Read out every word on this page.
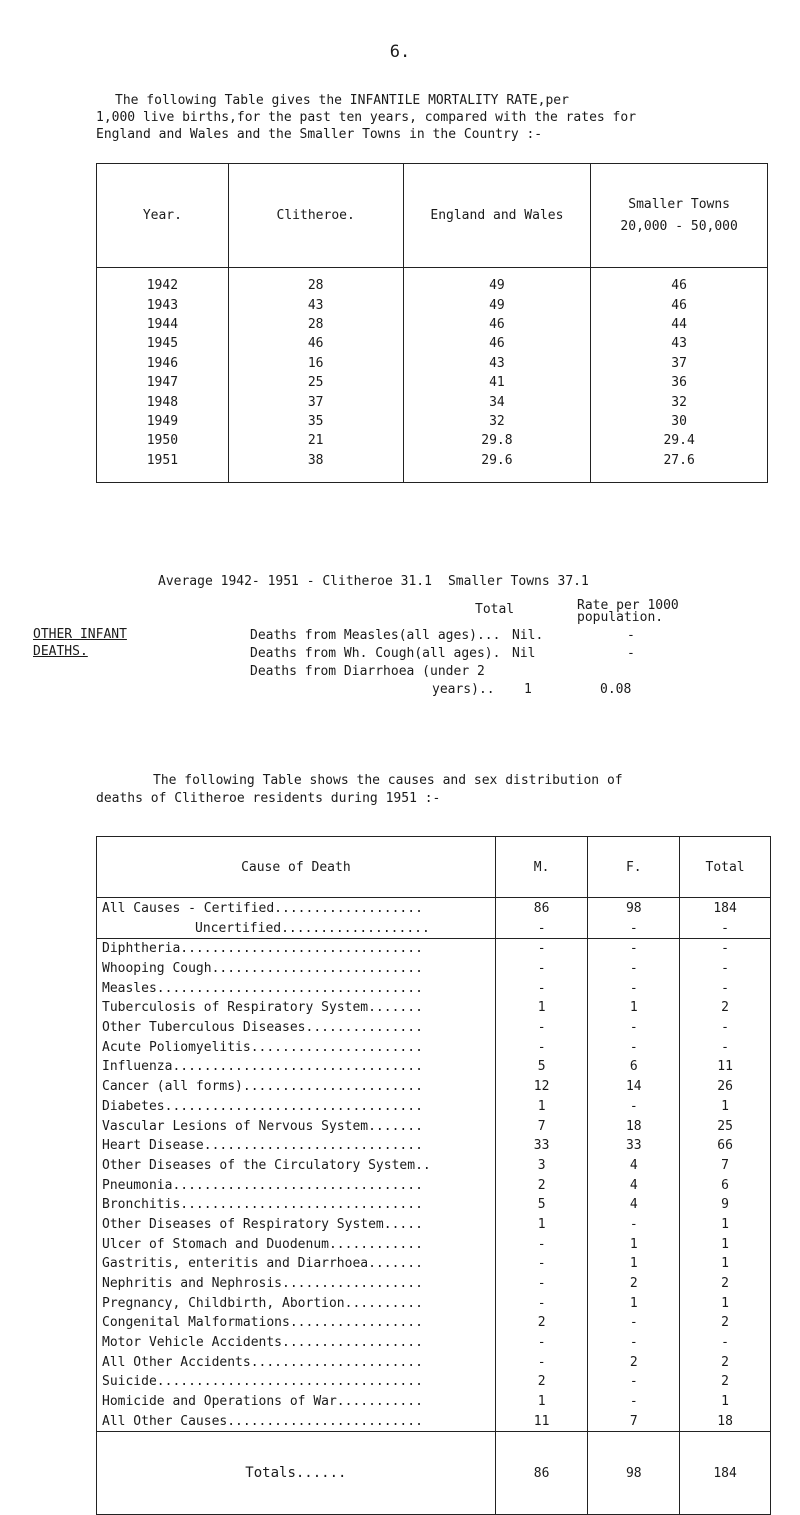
6.
The following Table gives the INFANTILE MORTALITY RATE,per
1,000 live births,for the past ten years, compared with the rates for
England and Wales and the Smaller Towns in the Country :-
Year.	Clitheroe.	England and Wales	Smaller Towns
20,000 - 50,000
1942	28	49	46
1943	43	49	46
1944	28	46	44
1945	46	46	43
1946	16	43	37
1947	25	41	36
1948	37	34	32
1949	35	32	30
1950	21	29.8	29.4
1951	38	29.6	27.6
Average 1942- 1951 - Clitheroe 31.1 Smaller Towns 37.1
Total	Rate per 1000
population.
OTHER INFANT
DEATHS.
Deaths from Measles(all ages)... Nil.	-
Deaths from Wh. Cough(all ages). Nil	-
Deaths from Diarrhoea (under 2
years).. 1	0.08
The following Table shows the causes and sex distribution of
deaths of Clitheroe residents during 1951 :-
Cause of Death	M.	F.	Total
All Causes - Certified...................	86	98	184
Uncertified...................	-	-	-
Diphtheria...............................	-	-	-
Whooping Cough...........................	-	-	-
Measles..................................	-	-	-
Tuberculosis of Respiratory System.......	1	1	2
Other Tuberculous Diseases...............	-	-	-
Acute Poliomyelitis......................	-	-	-
Influenza................................	5	6	11
Cancer (all forms).......................	12	14	26
Diabetes.................................	1	-	1
Vascular Lesions of Nervous System.......	7	18	25
Heart Disease............................	33	33	66
Other Diseases of the Circulatory System..	3	4	7
Pneumonia................................	2	4	6
Bronchitis...............................	5	4	9
Other Diseases of Respiratory System.....	1	-	1
Ulcer of Stomach and Duodenum............	-	1	1
Gastritis, enteritis and Diarrhoea.......	-	1	1
Nephritis and Nephrosis..................	-	2	2
Pregnancy, Childbirth, Abortion..........	-	1	1
Congenital Malformations.................	2	-	2
Motor Vehicle Accidents..................	-	-	-
All Other Accidents......................	-	2	2
Suicide..................................	2	-	2
Homicide and Operations of War...........	1	-	1
All Other Causes.........................	11	7	18
Totals......	86	98	184
